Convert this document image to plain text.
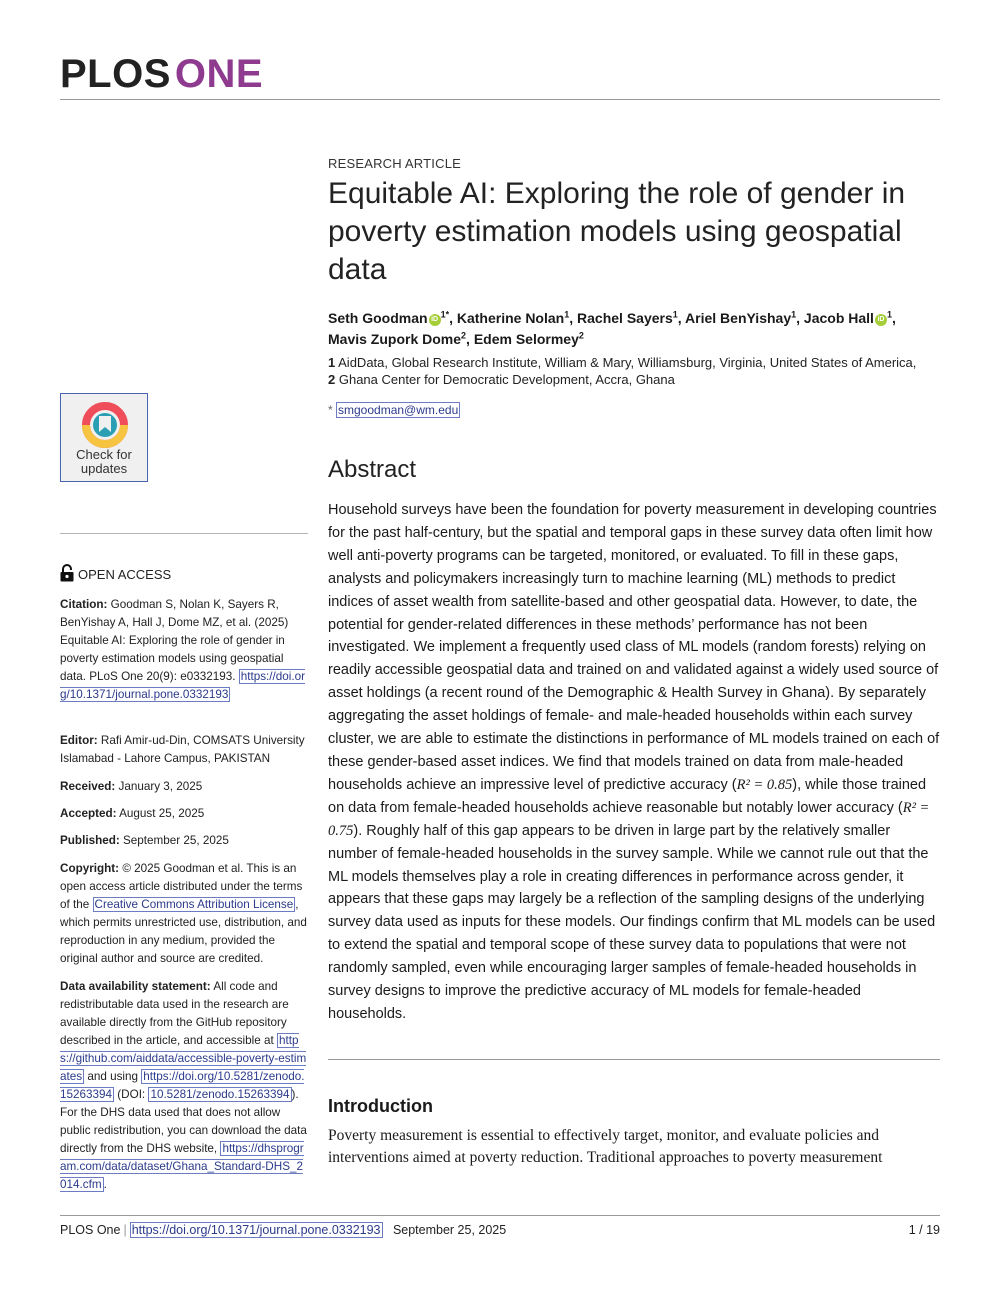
PLOS ONE
RESEARCH ARTICLE
Equitable AI: Exploring the role of gender in poverty estimation models using geospatial data
Seth Goodman $iD^{1*}$, Katherine Nolan$^1$, Rachel Sayers$^1$, Ariel BenYishay$^1$, Jacob Hall $iD^1$,
Mavis Zupork Dome$^2$, Edem Selormey$^2$
1 AidData, Global Research Institute, William & Mary, Williamsburg, Virginia, United States of America,
2 Ghana Center for Democratic Development, Accra, Ghana
* smgoodman@wm.edu
Abstract
Household surveys have been the foundation for poverty measurement in developing countries for the past half-century, but the spatial and temporal gaps in these survey data often limit how well anti-poverty programs can be targeted, monitored, or evaluated. To fill in these gaps, analysts and policymakers increasingly turn to machine learning (ML) methods to predict indices of asset wealth from satellite-based and other geospatial data. However, to date, the potential for gender-related differences in these methods’ performance has not been investigated. We implement a frequently used class of ML models (random forests) relying on readily accessible geospatial data and trained on and validated against a widely used source of asset holdings (a recent round of the Demographic & Health Survey in Ghana). By separately aggregating the asset holdings of female- and male-headed households within each survey cluster, we are able to estimate the distinctions in performance of ML models trained on each of these gender-based asset indices. We find that models trained on data from male-headed households achieve an impressive level of predictive accuracy (R² = 0.85), while those trained on data from female-headed households achieve reasonable but notably lower accuracy (R² = 0.75). Roughly half of this gap appears to be driven in large part by the relatively smaller number of female-headed households in the survey sample. While we cannot rule out that the ML models themselves play a role in creating differences in performance across gender, it appears that these gaps may largely be a reflection of the sampling designs of the underlying survey data used as inputs for these models. Our findings confirm that ML models can be used to extend the spatial and temporal scope of these survey data to populations that were not randomly sampled, even while encouraging larger samples of female-headed households in survey designs to improve the predictive accuracy of ML models for female-headed households.
Introduction
Poverty measurement is essential to effectively target, monitor, and evaluate policies and interventions aimed at poverty reduction. Traditional approaches to poverty measurement
Check for
updates
OPEN ACCESS
Citation: Goodman S, Nolan K, Sayers R, BenYishay A, Hall J, Dome MZ, et al. (2025) Equitable AI: Exploring the role of gender in poverty estimation models using geospatial data. PLoS One 20(9): e0332193. https://doi.org/10.1371/journal.pone.0332193
Editor: Rafi Amir-ud-Din, COMSATS University Islamabad - Lahore Campus, PAKISTAN
Received: January 3, 2025
Accepted: August 25, 2025
Published: September 25, 2025
Copyright: © 2025 Goodman et al. This is an open access article distributed under the terms of the Creative Commons Attribution License , which permits unrestricted use, distribution, and reproduction in any medium, provided the original author and source are credited.
Data availability statement: All code and redistributable data used in the research are available directly from the GitHub repository described in the article, and accessible at https://github.com/aiddata/accessible-poverty-estimates and using https://doi.org/10.5281/zenodo.15263394 (DOI: 10.5281/zenodo.15263394 ). For the DHS data used that does not allow public redistribution, you can download the data directly from the DHS website, https://dhsprogram.com/data/dataset/Ghana_Standard-DHS_2014.cfm .
PLOS One | https://doi.org/10.1371/journal.pone.0332193 September 25, 2025	1 / 19
